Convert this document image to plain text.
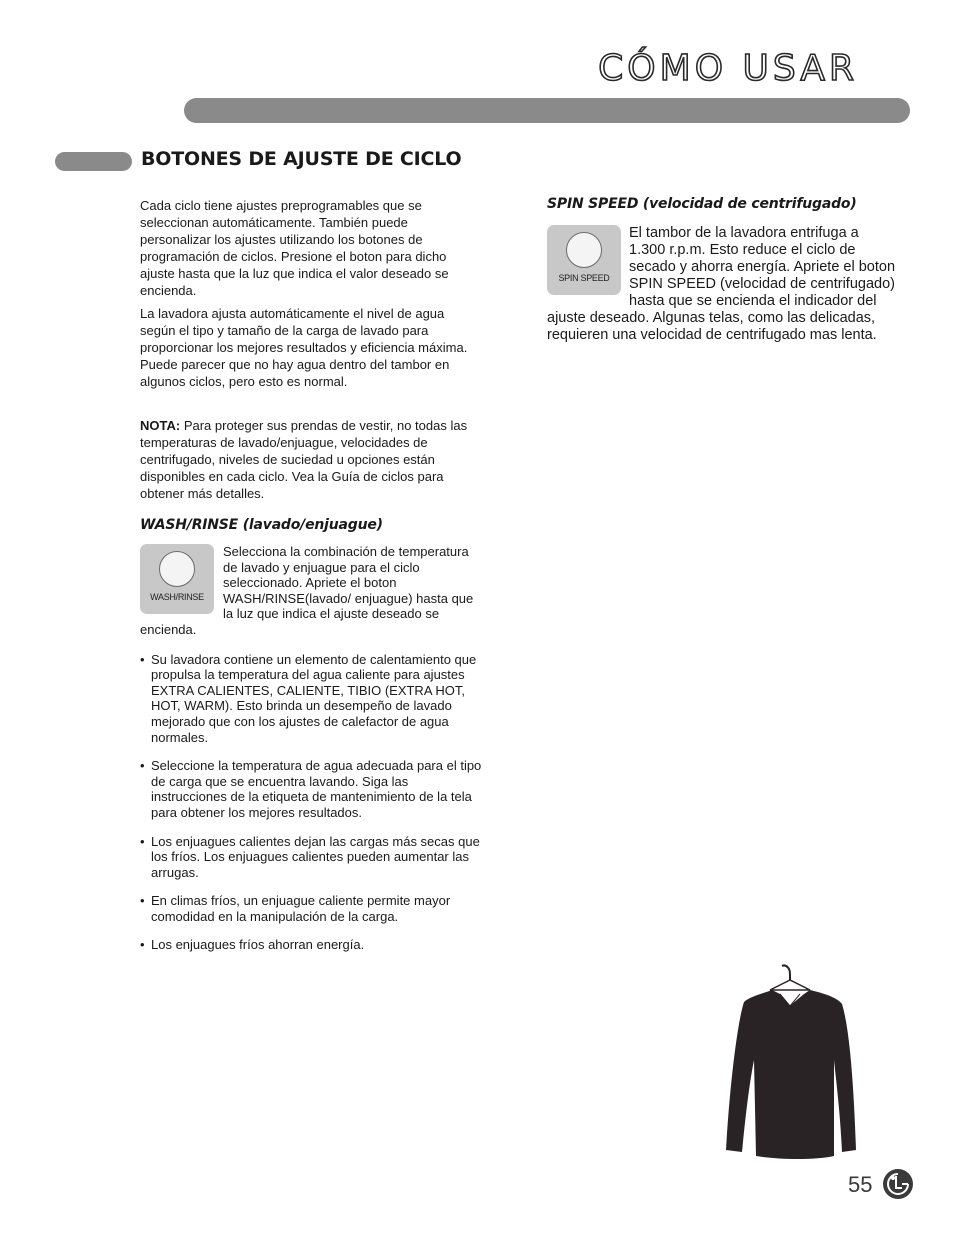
CÓMO USAR
BOTONES DE AJUSTE DE CICLO

Cada ciclo tiene ajustes preprogramables que se seleccionan automáticamente. También puede personalizar los ajustes utilizando los botones de programación de ciclos. Presione el boton para dicho ajuste hasta que la luz que indica el valor deseado se encienda.

La lavadora ajusta automáticamente el nivel de agua según el tipo y tamaño de la carga de lavado para proporcionar los mejores resultados y eficiencia máxima. Puede parecer que no hay agua dentro del tambor en algunos ciclos, pero esto es normal.

NOTA: Para proteger sus prendas de vestir, no todas las temperaturas de lavado/enjuague, velocidades de centrifugado, niveles de suciedad u opciones están disponibles en cada ciclo. Vea la Guía de ciclos para obtener más detalles.

WASH/RINSE (lavado/enjuague)
WASH/RINSE
Selecciona la combinación de temperatura de lavado y enjuague para el ciclo seleccionado. Apriete el boton WASH/RINSE(lavado/ enjuague) hasta que la luz que indica el ajuste deseado se encienda.
• Su lavadora contiene un elemento de calentamiento que propulsa la temperatura del agua caliente para ajustes EXTRA CALIENTES, CALIENTE, TIBIO (EXTRA HOT, HOT, WARM). Esto brinda un desempeño de lavado mejorado que con los ajustes de calefactor de agua normales.
• Seleccione la temperatura de agua adecuada para el tipo de carga que se encuentra lavando. Siga las instrucciones de la etiqueta de mantenimiento de la tela para obtener los mejores resultados.
• Los enjuagues calientes dejan las cargas más secas que los fríos. Los enjuagues calientes pueden aumentar las arrugas.
• En climas fríos, un enjuague caliente permite mayor comodidad en la manipulación de la carga.
• Los enjuagues fríos ahorran energía.
SPIN SPEED (velocidad de centrifugado)
SPIN SPEED
El tambor de la lavadora entrifuga a 1.300 r.p.m. Esto reduce el ciclo de secado y ahorra energía. Apriete el boton SPIN SPEED (velocidad de centrifugado) hasta que se encienda el indicador del ajuste deseado. Algunas telas, como las delicadas, requieren una velocidad de centrifugado mas lenta.
55
